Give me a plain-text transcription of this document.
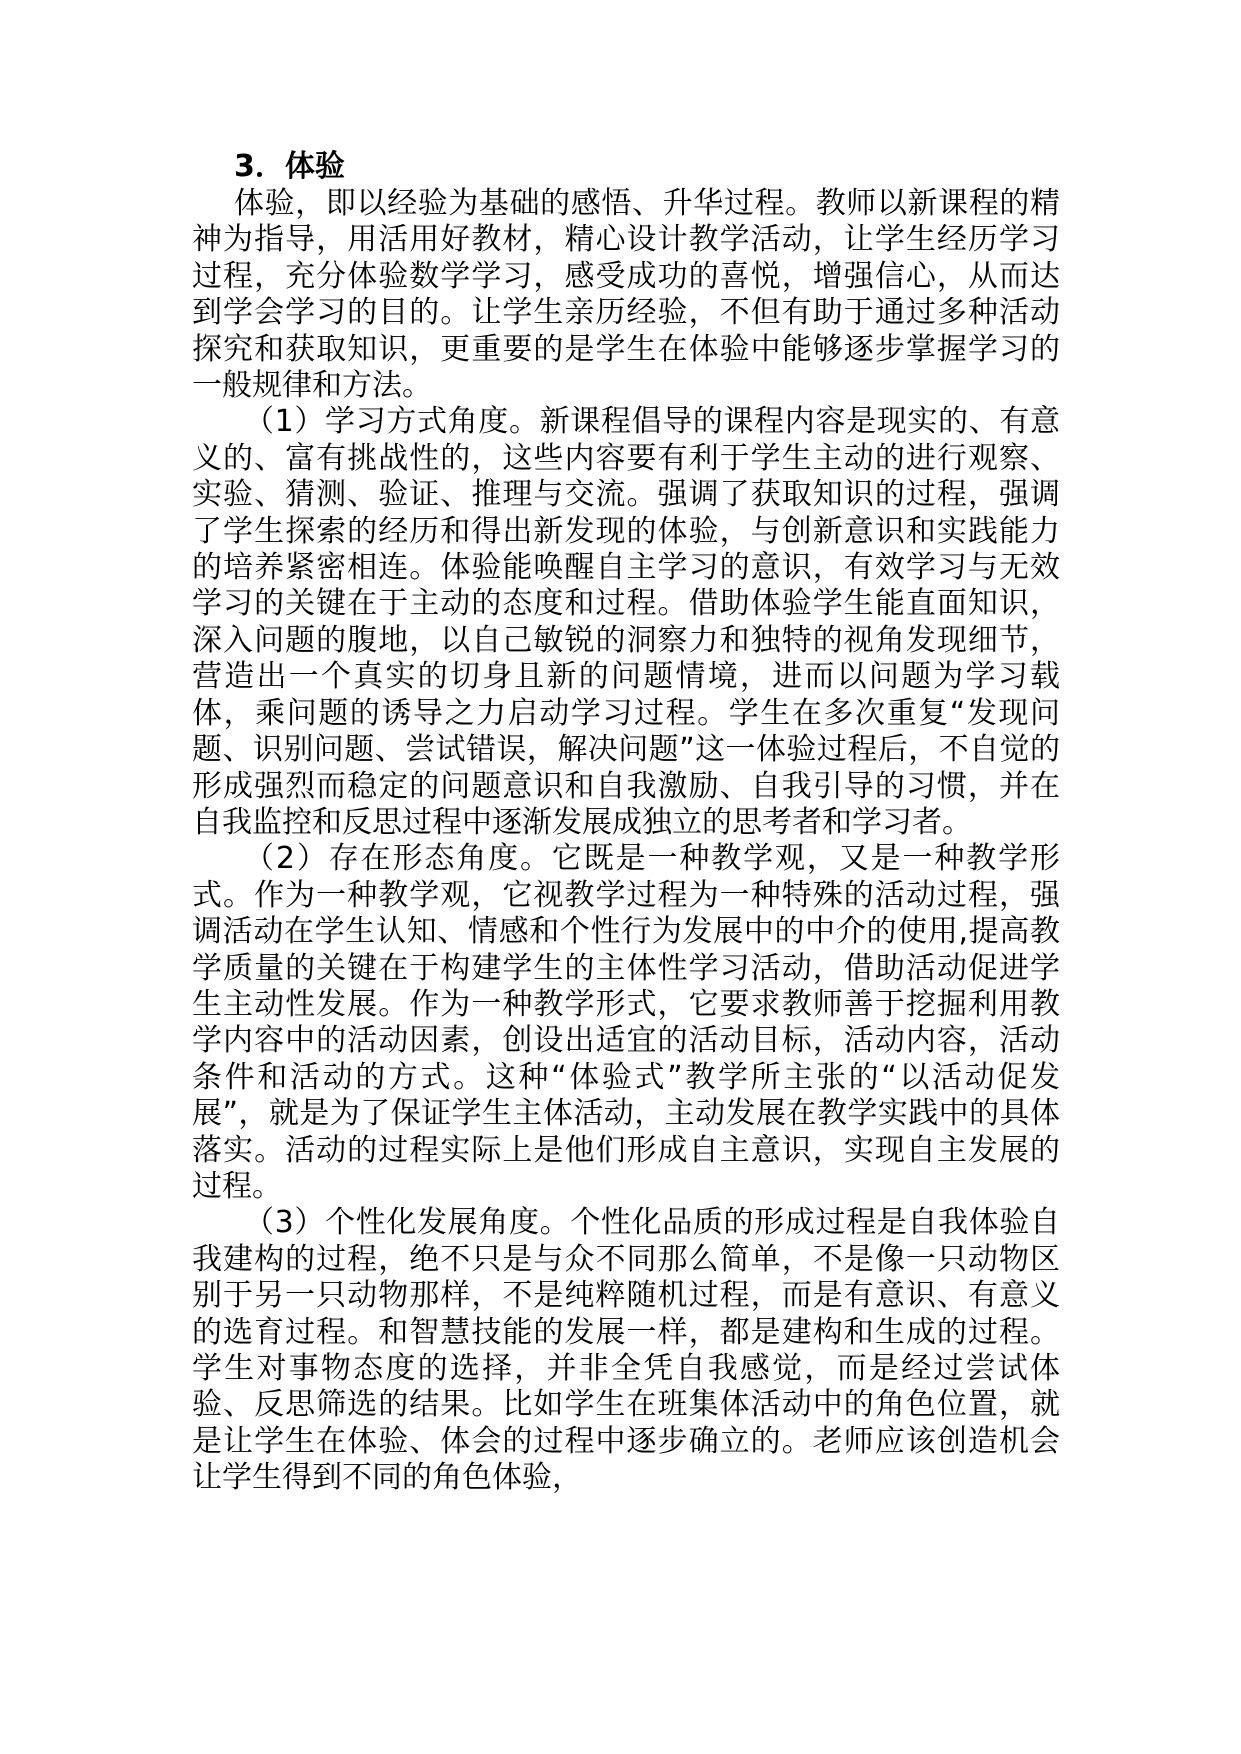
3．体验

体验，即以经验为基础的感悟、升华过程。教师以新课程的精神为指导，用活用好教材，精心设计教学活动，让学生经历学习过程，充分体验数学学习，感受成功的喜悦，增强信心，从而达到学会学习的目的。让学生亲历经验，不但有助于通过多种活动探究和获取知识，更重要的是学生在体验中能够逐步掌握学习的一般规律和方法。

（1）学习方式角度。新课程倡导的课程内容是现实的、有意义的、富有挑战性的，这些内容要有利于学生主动的进行观察、实验、猜测、验证、推理与交流。强调了获取知识的过程，强调了学生探索的经历和得出新发现的体验，与创新意识和实践能力的培养紧密相连。体验能唤醒自主学习的意识，有效学习与无效学习的关键在于主动的态度和过程。借助体验学生能直面知识，深入问题的腹地，以自己敏锐的洞察力和独特的视角发现细节，营造出一个真实的切身且新的问题情境，进而以问题为学习载体，乘问题的诱导之力启动学习过程。学生在多次重复“发现问题、识别问题、尝试错误，解决问题”这一体验过程后，不自觉的形成强烈而稳定的问题意识和自我激励、自我引导的习惯，并在自我监控和反思过程中逐渐发展成独立的思考者和学习者。

（2）存在形态角度。它既是一种教学观，又是一种教学形式。作为一种教学观，它视教学过程为一种特殊的活动过程，强调活动在学生认知、情感和个性行为发展中的中介的使用,提高教学质量的关键在于构建学生的主体性学习活动，借助活动促进学生主动性发展。作为一种教学形式，它要求教师善于挖掘利用教学内容中的活动因素，创设出适宜的活动目标，活动内容，活动条件和活动的方式。这种“体验式”教学所主张的“以活动促发展”，就是为了保证学生主体活动，主动发展在教学实践中的具体落实。活动的过程实际上是他们形成自主意识，实现自主发展的过程。

（3）个性化发展角度。个性化品质的形成过程是自我体验自我建构的过程，绝不只是与众不同那么简单，不是像一只动物区别于另一只动物那样，不是纯粹随机过程，而是有意识、有意义的选育过程。和智慧技能的发展一样，都是建构和生成的过程。学生对事物态度的选择，并非全凭自我感觉，而是经过尝试体验、反思筛选的结果。比如学生在班集体活动中的角色位置，就是让学生在体验、体会的过程中逐步确立的。老师应该创造机会让学生得到不同的角色体验，
